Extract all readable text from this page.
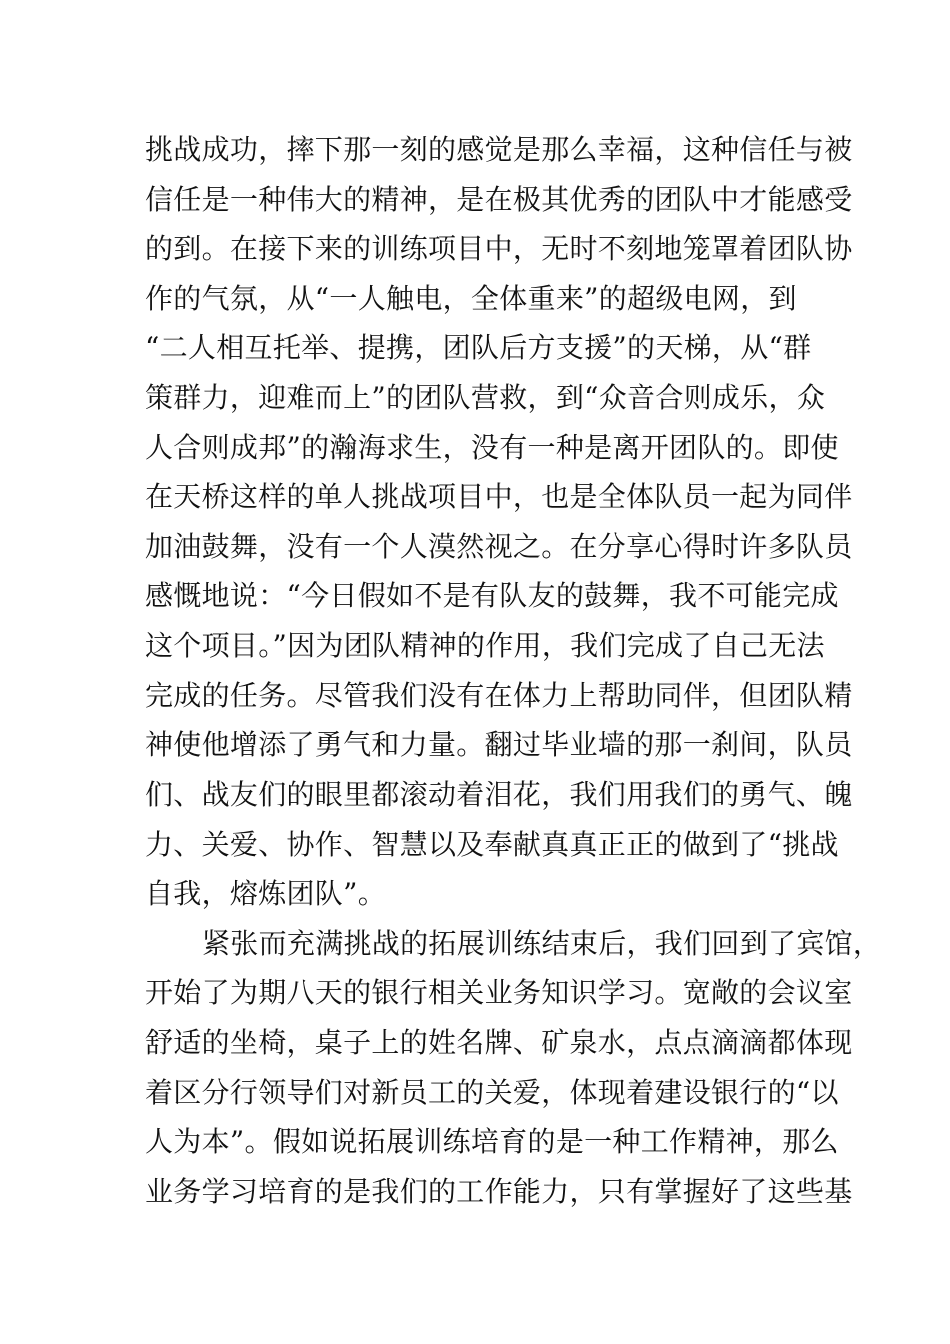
挑战成功，摔下那一刻的感觉是那么幸福，这种信任与被
信任是一种伟大的精神，是在极其优秀的团队中才能感受
的到。在接下来的训练项目中，无时不刻地笼罩着团队协
作的气氛，从“一人触电，全体重来”的超级电网，到
“二人相互托举、提携，团队后方支援”的天梯，从“群
策群力，迎难而上”的团队营救，到“众音合则成乐，众
人合则成邦”的瀚海求生，没有一种是离开团队的。即使
在天桥这样的单人挑战项目中，也是全体队员一起为同伴
加油鼓舞，没有一个人漠然视之。在分享心得时许多队员
感慨地说：“今日假如不是有队友的鼓舞，我不可能完成
这个项目。”因为团队精神的作用，我们完成了自己无法
完成的任务。尽管我们没有在体力上帮助同伴，但团队精
神使他增添了勇气和力量。翻过毕业墙的那一刹间，队员
们、战友们的眼里都滚动着泪花，我们用我们的勇气、魄
力、关爱、协作、智慧以及奉献真真正正的做到了“挑战
自我，熔炼团队”。
紧张而充满挑战的拓展训练结束后，我们回到了宾馆，
开始了为期八天的银行相关业务知识学习。宽敞的会议室
舒适的坐椅，桌子上的姓名牌、矿泉水，点点滴滴都体现
着区分行领导们对新员工的关爱，体现着建设银行的“以
人为本”。假如说拓展训练培育的是一种工作精神，那么
业务学习培育的是我们的工作能力，只有掌握好了这些基
